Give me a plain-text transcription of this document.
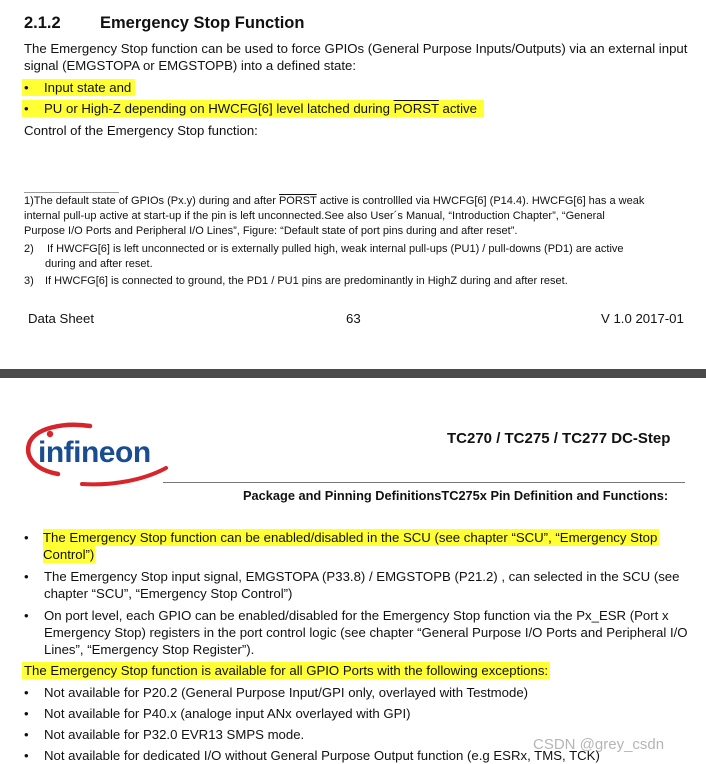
2.1.2	Emergency Stop Function
The Emergency Stop function can be used to force GPIOs (General Purpose Inputs/Outputs) via an external input
signal (EMGSTOPA or EMGSTOPB) into a defined state:
• Input state and
• PU or High-Z depending on HWCFG[6] level latched during PORST active
Control of the Emergency Stop function:
1)The default state of GPIOs (Px.y) during and after PORST active is controllled via HWCFG[6] (P14.4). HWCFG[6] has a weak
internal pull-up active at start-up if the pin is left unconnected.See also User´s Manual, “Introduction Chapter”, “General
Purpose I/O Ports and Peripheral I/O Lines”, Figure: “Default state of port pins during and after reset”.
2) If HWCFG[6] is left unconnected or is externally pulled high, weak internal pull-ups (PU1) / pull-downs (PD1) are active
during and after reset.
3) If HWCFG[6] is connected to ground, the PD1 / PU1 pins are predominantly in HighZ during and after reset.
Data Sheet	63	V 1.0 2017-01
infineon	TC270 / TC275 / TC277 DC-Step
Package and Pinning DefinitionsTC275x Pin Definition and Functions:
• The Emergency Stop function can be enabled/disabled in the SCU (see chapter “SCU”, “Emergency Stop
Control”)
• The Emergency Stop input signal, EMGSTOPA (P33.8) / EMGSTOPB (P21.2) , can selected in the SCU (see
chapter “SCU”, “Emergency Stop Control”)
• On port level, each GPIO can be enabled/disabled for the Emergency Stop function via the Px_ESR (Port x
Emergency Stop) registers in the port control logic (see chapter “General Purpose I/O Ports and Peripheral I/O
Lines”, “Emergency Stop Register”).
The Emergency Stop function is available for all GPIO Ports with the following exceptions:
• Not available for P20.2 (General Purpose Input/GPI only, overlayed with Testmode)
• Not available for P40.x (analoge input ANx overlayed with GPI)
• Not available for P32.0 EVR13 SMPS mode.
• Not available for dedicated I/O without General Purpose Output function (e.g ESRx, TMS, TCK)
CSDN @grey_csdn
